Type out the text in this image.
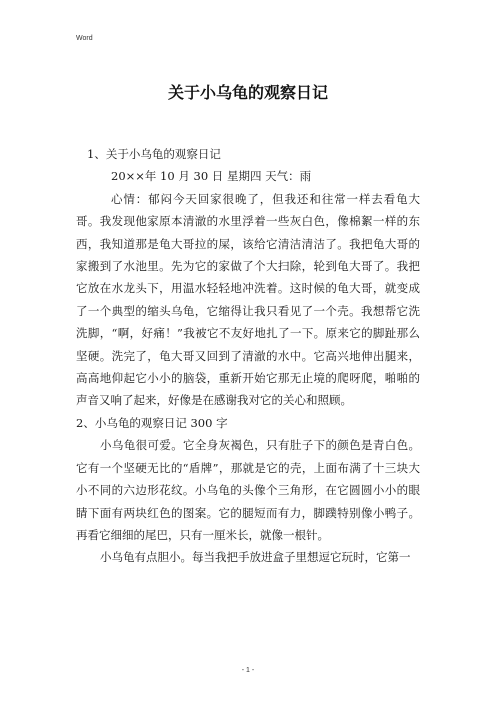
Word
关于小乌龟的观察日记

1、关于小乌龟的观察日记

20××年 10 月 30 日 星期四 天气：雨

心情：郁闷今天回家很晚了，但我还和往常一样去看龟大哥。我发现他家原本清澈的水里浮着一些灰白色，像棉絮一样的东西，我知道那是龟大哥拉的屎，该给它清洁清洁了。我把龟大哥的家搬到了水池里。先为它的家做了个大扫除，轮到龟大哥了。我把它放在水龙头下，用温水轻轻地冲洗着。这时候的龟大哥，就变成了一个典型的缩头乌龟，它缩得让我只看见了一个壳。我想帮它洗洗脚，“啊，好痛！”我被它不友好地扎了一下。原来它的脚趾那么坚硬。洗完了，龟大哥又回到了清澈的水中。它高兴地伸出腿来，高高地仰起它小小的脑袋，重新开始它那无止境的爬呀爬，啪啪的声音又响了起来，好像是在感谢我对它的关心和照顾。

2、小乌龟的观察日记 300 字

小乌龟很可爱。它全身灰褐色，只有肚子下的颜色是青白色。它有一个坚硬无比的“盾牌”，那就是它的壳，上面布满了十三块大小不同的六边形花纹。小乌龟的头像个三角形，在它圆圆小小的眼睛下面有两块红色的图案。它的腿短而有力，脚蹼特别像小鸭子。再看它细细的尾巴，只有一厘米长，就像一根针。

小乌龟有点胆小。每当我把手放进盒子里想逗它玩时，它第一

- 1 -
